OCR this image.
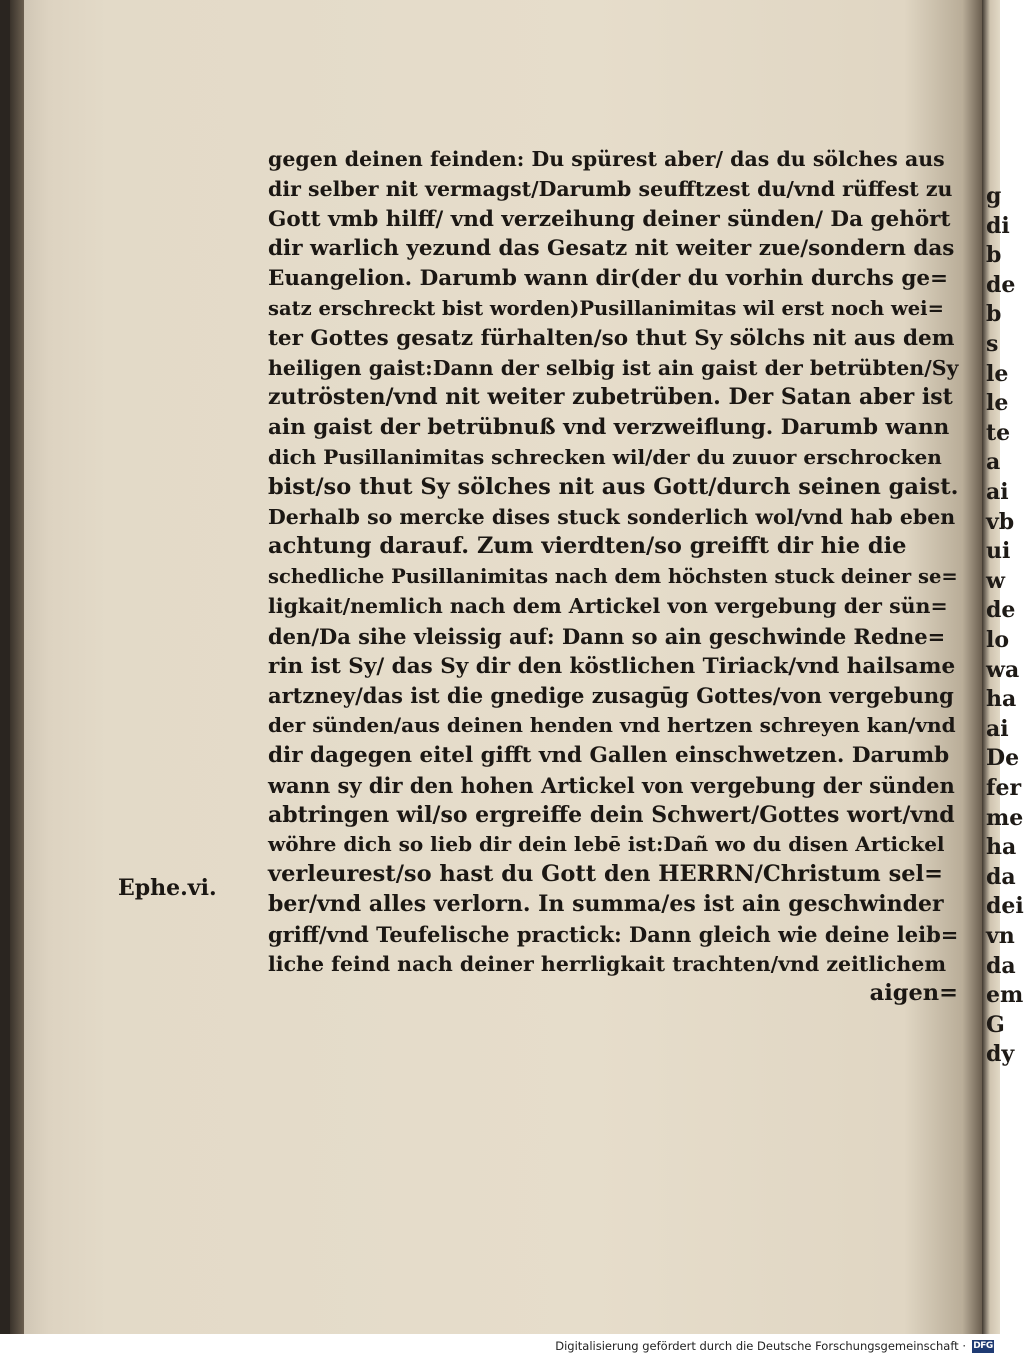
gegen deinen feinden: Du spürest aber/ das du sölches aus
dir selber nit vermagst/Darumb seufftzest du/vnd rüffest zu
Gott vmb hilff/ vnd verzeihung deiner sünden/ Da gehört
dir warlich yezund das Gesatz nit weiter zue/sondern das
Euangelion. Darumb wann dir(der du vorhin durchs ge=
satz erschreckt bist worden)Pusillanimitas wil erst noch wei=
ter Gottes gesatz fürhalten/so thut Sy sölchs nit aus dem
heiligen gaist:Dann der selbig ist ain gaist der betrübten/Sy
zutrösten/vnd nit weiter zubetrüben. Der Satan aber ist
ain gaist der betrübnuß vnd verzweiflung. Darumb wann
dich Pusillanimitas schrecken wil/der du zuuor erschrocken
bist/so thut Sy sölches nit aus Gott/durch seinen gaist.
Derhalb so mercke dises stuck sonderlich wol/vnd hab eben
achtung darauf. Zum vierdten/so greifft dir hie die
schedliche Pusillanimitas nach dem höchsten stuck deiner se=
ligkait/nemlich nach dem Artickel von vergebung der sün=
den/Da sihe vleissig auf: Dann so ain geschwinde Redne=
rin ist Sy/ das Sy dir den köstlichen Tiriack/vnd hailsame
artzney/das ist die gnedige zusagūg Gottes/von vergebung
der sünden/aus deinen henden vnd hertzen schreyen kan/vnd
dir dagegen eitel gifft vnd Gallen einschwetzen. Darumb
wann sy dir den hohen Artickel von vergebung der sünden
abtringen wil/so ergreiffe dein Schwert/Gottes wort/vnd
wöhre dich so lieb dir dein lebē ist:Dañ wo du disen Artickel
verleurest/so hast du Gott den HERRN/Christum sel=
ber/vnd alles verlorn. In summa/es ist ain geschwinder
griff/vnd Teufelische practick: Dann gleich wie deine leib=
liche feind nach deiner herrligkait trachten/vnd zeitlichem
aigen=
Ephe.vi.
g
di
b
de
b
s
le
le
te
a
ai
vb
ui
w
de
lo
wa
ha
ai
De
fer
me
ha
da
dei
vn
da
em
G
dy
Digitalisierung gefördert durch die Deutsche Forschungsgemeinschaft · DFG
